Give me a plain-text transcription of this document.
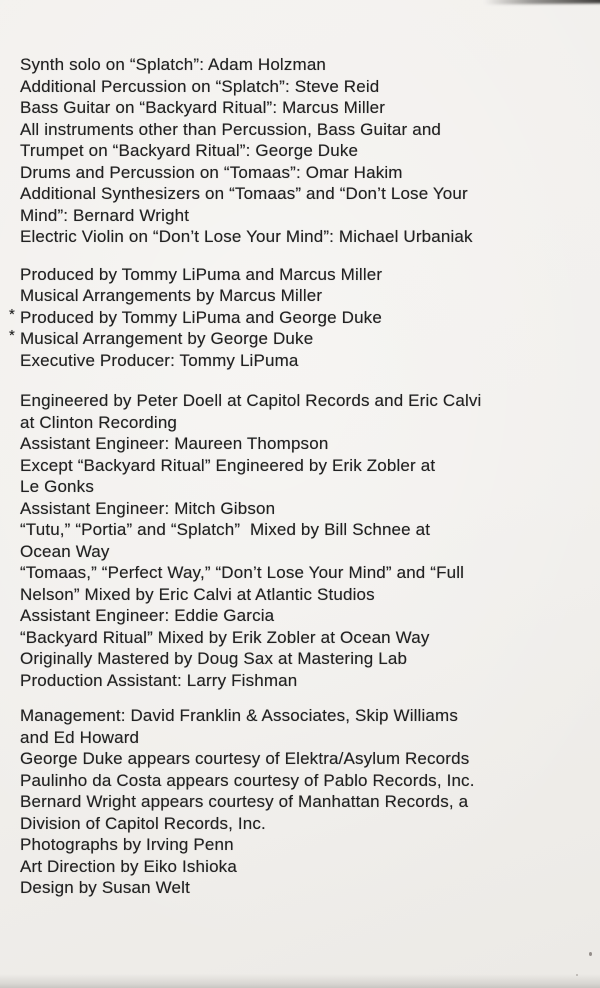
Synth solo on “Splatch”: Adam Holzman
Additional Percussion on “Splatch”: Steve Reid
Bass Guitar on “Backyard Ritual”: Marcus Miller
All instruments other than Percussion, Bass Guitar and
Trumpet on “Backyard Ritual”: George Duke
Drums and Percussion on “Tomaas”: Omar Hakim
Additional Synthesizers on “Tomaas” and “Don’t Lose Your
Mind”: Bernard Wright
Electric Violin on “Don’t Lose Your Mind”: Michael Urbaniak
Produced by Tommy LiPuma and Marcus Miller
Musical Arrangements by Marcus Miller
* Produced by Tommy LiPuma and George Duke
* Musical Arrangement by George Duke
Executive Producer: Tommy LiPuma
Engineered by Peter Doell at Capitol Records and Eric Calvi
at Clinton Recording
Assistant Engineer: Maureen Thompson
Except “Backyard Ritual” Engineered by Erik Zobler at
Le Gonks
Assistant Engineer: Mitch Gibson
“Tutu,” “Portia” and “Splatch”  Mixed by Bill Schnee at
Ocean Way
“Tomaas,” “Perfect Way,” “Don’t Lose Your Mind” and “Full
Nelson” Mixed by Eric Calvi at Atlantic Studios
Assistant Engineer: Eddie Garcia
“Backyard Ritual” Mixed by Erik Zobler at Ocean Way
Originally Mastered by Doug Sax at Mastering Lab
Production Assistant: Larry Fishman
Management: David Franklin & Associates, Skip Williams
and Ed Howard
George Duke appears courtesy of Elektra/Asylum Records
Paulinho da Costa appears courtesy of Pablo Records, Inc.
Bernard Wright appears courtesy of Manhattan Records, a
Division of Capitol Records, Inc.
Photographs by Irving Penn
Art Direction by Eiko Ishioka
Design by Susan Welt
